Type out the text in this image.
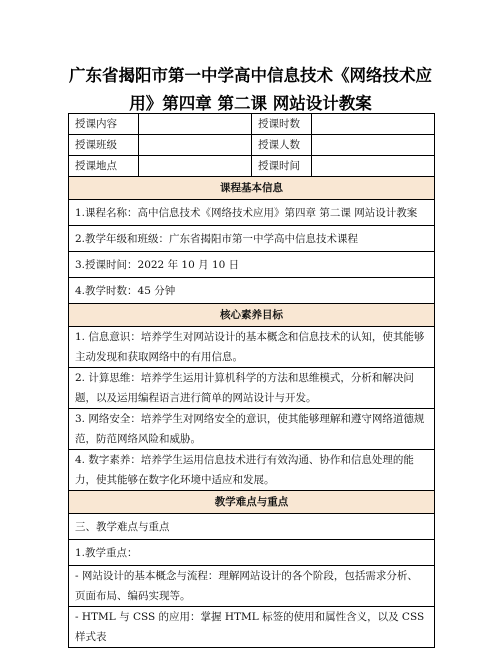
广东省揭阳市第一中学高中信息技术《网络技术应用》第四章 第二课 网站设计教案
授课内容		授课时数	
授课班级		授课人数	
授课地点		授课时间	
课程基本信息			
1.课程名称：高中信息技术《网络技术应用》第四章 第二课 网站设计教案			
2.教学年级和班级：广东省揭阳市第一中学高中信息技术课程			
3.授课时间：2022 年 10 月 10 日			
4.教学时数：45 分钟			
核心素养目标			
1. 信息意识：培养学生对网站设计的基本概念和信息技术的认知，使其能够主动发现和获取网络中的有用信息。			
2. 计算思维：培养学生运用计算机科学的方法和思维模式，分析和解决问题，以及运用编程语言进行简单的网站设计与开发。			
3. 网络安全：培养学生对网络安全的意识，使其能够理解和遵守网络道德规范，防范网络风险和威胁。			
4. 数字素养：培养学生运用信息技术进行有效沟通、协作和信息处理的能力，使其能够在数字化环境中适应和发展。			
教学难点与重点			
三、教学难点与重点			
1.教学重点：			
- 网站设计的基本概念与流程：理解网站设计的各个阶段，包括需求分析、页面布局、编码实现等。			
- HTML 与 CSS 的应用：掌握 HTML 标签的使用和属性含义，以及 CSS 样式表			
